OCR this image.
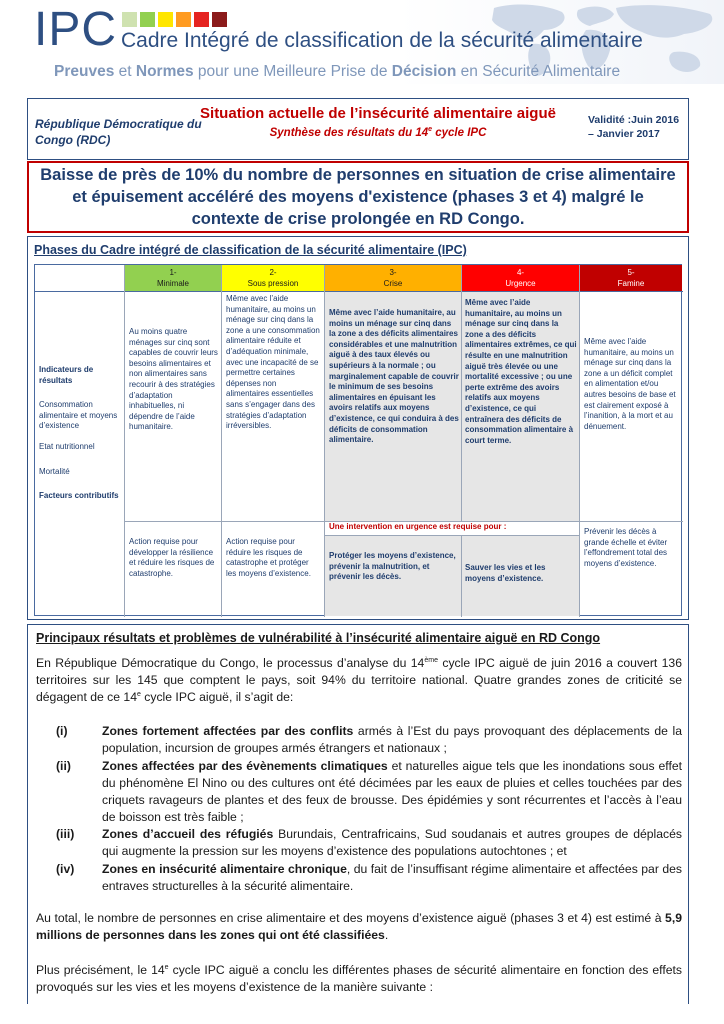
IPC Cadre Intégré de classification de la sécurité alimentaire
Preuves et Normes pour une Meilleure Prise de Décision en Sécurité Alimentaire
République Démocratique du Congo (RDC)
Situation actuelle de l’insécurité alimentaire aiguë
Synthèse des résultats du 14e cycle IPC
Validité :Juin 2016 – Janvier 2017
Baisse de près de 10% du nombre de personnes en situation de crise alimentaire et épuisement accéléré des moyens d'existence (phases 3 et 4) malgré le contexte de crise prolongée en RD Congo.
Phases du Cadre intégré de classification de la sécurité alimentaire (IPC)
1-
Minimale
2-
Sous pression
3-
Crise
4-
Urgence
5-
Famine
Indicateurs de résultats
Consommation alimentaire et moyens d’existence
Etat nutritionnel
Mortalité
Facteurs contributifs
Au moins quatre ménages sur cinq sont capables de couvrir leurs besoins alimentaires et non alimentaires sans recourir à des stratégies d’adaptation inhabituelles, ni dépendre de l’aide humanitaire.
Même avec l’aide humanitaire, au moins un ménage sur cinq dans la zone a une consommation alimentaire réduite et d’adéquation minimale, avec une incapacité de se permettre certaines dépenses non alimentaires essentielles sans s’engager dans des stratégies d’adaptation irréversibles.
Même avec l’aide humanitaire, au moins un ménage sur cinq dans la zone a des déficits alimentaires considérables et une malnutrition aiguë à des taux élevés ou supérieurs à la normale ; ou marginalement capable de couvrir le minimum de ses besoins alimentaires en épuisant les avoirs relatifs aux moyens d’existence, ce qui conduira à des déficits de consommation alimentaire.
Même avec l’aide humanitaire, au moins un ménage sur cinq dans la zone a des déficits alimentaires extrêmes, ce qui résulte en une malnutrition aiguë très élevée ou une mortalité excessive ; ou une perte extrême des avoirs relatifs aux moyens d’existence, ce qui entraînera des déficits de consommation alimentaire à court terme.
Même avec l’aide humanitaire, au moins un ménage sur cinq dans la zone a un déficit complet en alimentation et/ou autres besoins de base et est clairement exposé à l’inanition, à la mort et au dénuement.
Une intervention en urgence est requise pour :
Action requise pour développer la résilience et réduire les risques de catastrophe.
Action requise pour réduire les risques de catastrophe et protéger les moyens d’existence.
Protéger les moyens d’existence, prévenir la malnutrition, et prévenir les décès.
Sauver les vies et les moyens d’existence.
Prévenir les décès à grande échelle et éviter l’effondrement total des moyens d’existence.
Principaux résultats et problèmes de vulnérabilité à l’insécurité alimentaire aiguë en RD Congo
En République Démocratique du Congo, le processus d’analyse du 14ème cycle IPC aiguë de juin 2016 a couvert 136 territoires sur les 145 que comptent le pays, soit 94% du territoire national. Quatre grandes zones de criticité se dégagent de ce 14e cycle IPC aiguë, il s’agit de:
(i)	Zones fortement affectées par des conflits armés à l’Est du pays provoquant des déplacements de la population, incursion de groupes armés étrangers et nationaux ;
(ii)	Zones affectées par des évènements climatiques et naturelles aigue tels que les inondations sous effet du phénomène El Nino ou des cultures ont été décimées par les eaux de pluies et celles touchées par des criquets ravageurs de plantes et des feux de brousse. Des épidémies y sont récurrentes et l’accès à l’eau de boisson est très faible ;
(iii) Zones d’accueil des réfugiés Burundais, Centrafricains, Sud soudanais et autres groupes de déplacés qui augmente la pression sur les moyens d’existence des populations autochtones ; et
(iv) Zones en insécurité alimentaire chronique, du fait de l’insuffisant régime alimentaire et affectées par des entraves structurelles à la sécurité alimentaire.
Au total, le nombre de personnes en crise alimentaire et des moyens d’existence aiguë (phases 3 et 4) est estimé à 5,9 millions de personnes dans les zones qui ont été classifiées.
Plus précisément, le 14e cycle IPC aiguë a conclu les différentes phases de sécurité alimentaire en fonction des effets provoqués sur les vies et les moyens d’existence de la manière suivante :
